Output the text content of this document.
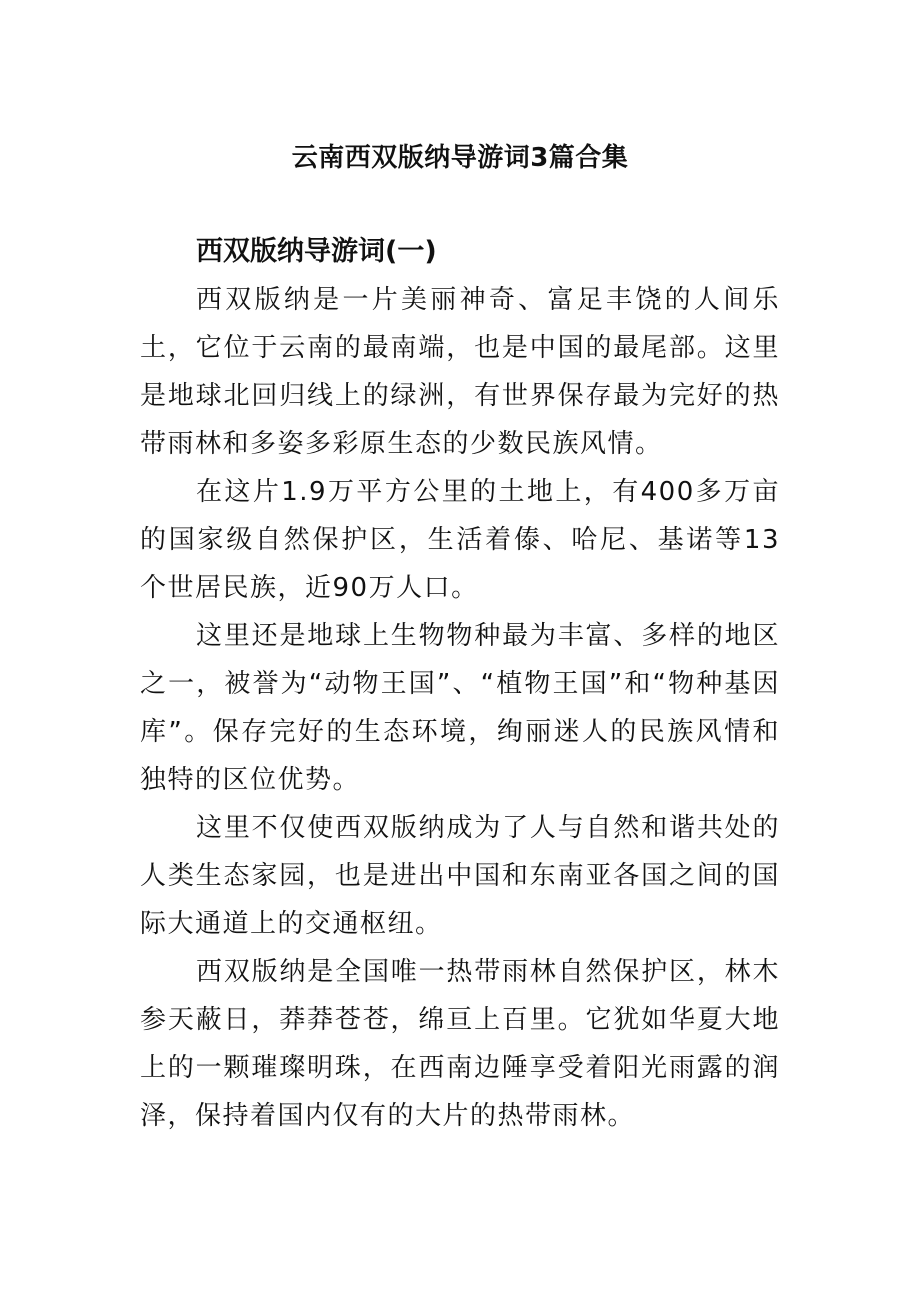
云南西双版纳导游词3篇合集

西双版纳导游词(一)

西双版纳是一片美丽神奇、富足丰饶的人间乐土，它位于云南的最南端，也是中国的最尾部。这里是地球北回归线上的绿洲，有世界保存最为完好的热带雨林和多姿多彩原生态的少数民族风情。

在这片1.9万平方公里的土地上，有400多万亩的国家级自然保护区，生活着傣、哈尼、基诺等13个世居民族，近90万人口。

这里还是地球上生物物种最为丰富、多样的地区之一，被誉为“动物王国”、“植物王国”和“物种基因库”。保存完好的生态环境，绚丽迷人的民族风情和独特的区位优势。

这里不仅使西双版纳成为了人与自然和谐共处的人类生态家园，也是进出中国和东南亚各国之间的国际大通道上的交通枢纽。

西双版纳是全国唯一热带雨林自然保护区，林木参天蔽日，莽莽苍苍，绵亘上百里。它犹如华夏大地上的一颗璀璨明珠，在西南边陲享受着阳光雨露的润泽，保持着国内仅有的大片的热带雨林。
